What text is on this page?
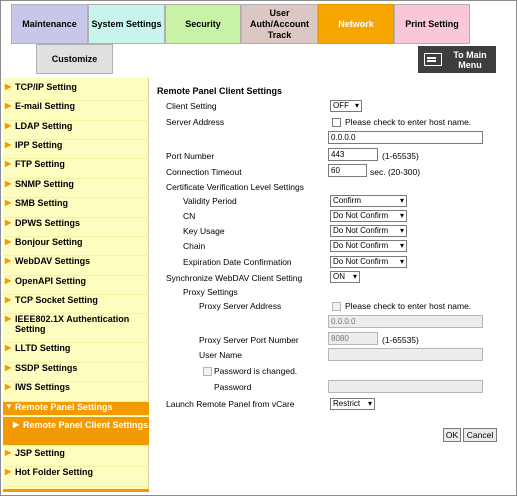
Maintenance System Settings	Security
User
Auth/Account
Track
Network	Print Setting
Customize	To Main
Menu
▶ TCP/IP Setting
▶ E-mail Setting
▶ LDAP Setting
▶ IPP Setting
▶ FTP Setting
▶ SNMP Setting
▶ SMB Setting
▶ DPWS Settings
▶ Bonjour Setting
▶ WebDAV Settings
▶ OpenAPI Setting
▶ TCP Socket Setting
▶ IEEE802.1X Authentication Setting
▶ LLTD Setting
▶ SSDP Settings
▶ IWS Settings
▼ Remote Panel Settings
▶ Remote Panel Client Settings
▶ JSP Setting
▶ Hot Folder Setting
Remote Panel Client Settings
Client Setting	OFF ▾
Server Address	Please check to enter host name.
0.0.0.0
Port Number	443	(1-65535)
Connection Timeout	60	sec. (20-300)
Certificate Verification Level Settings
Validity Period	Confirm ▾
CN	Do Not Confirm ▾
Key Usage	Do Not Confirm ▾
Chain	Do Not Confirm ▾
Expiration Date Confirmation	Do Not Confirm ▾
Synchronize WebDAV Client Setting	ON ▾
Proxy Settings
Proxy Server Address	Please check to enter host name.
0.0.0.0
Proxy Server Port Number	8080	(1-65535)
User Name
Password is changed.
Password
Launch Remote Panel from vCare	Restrict ▾
OK	Cancel
